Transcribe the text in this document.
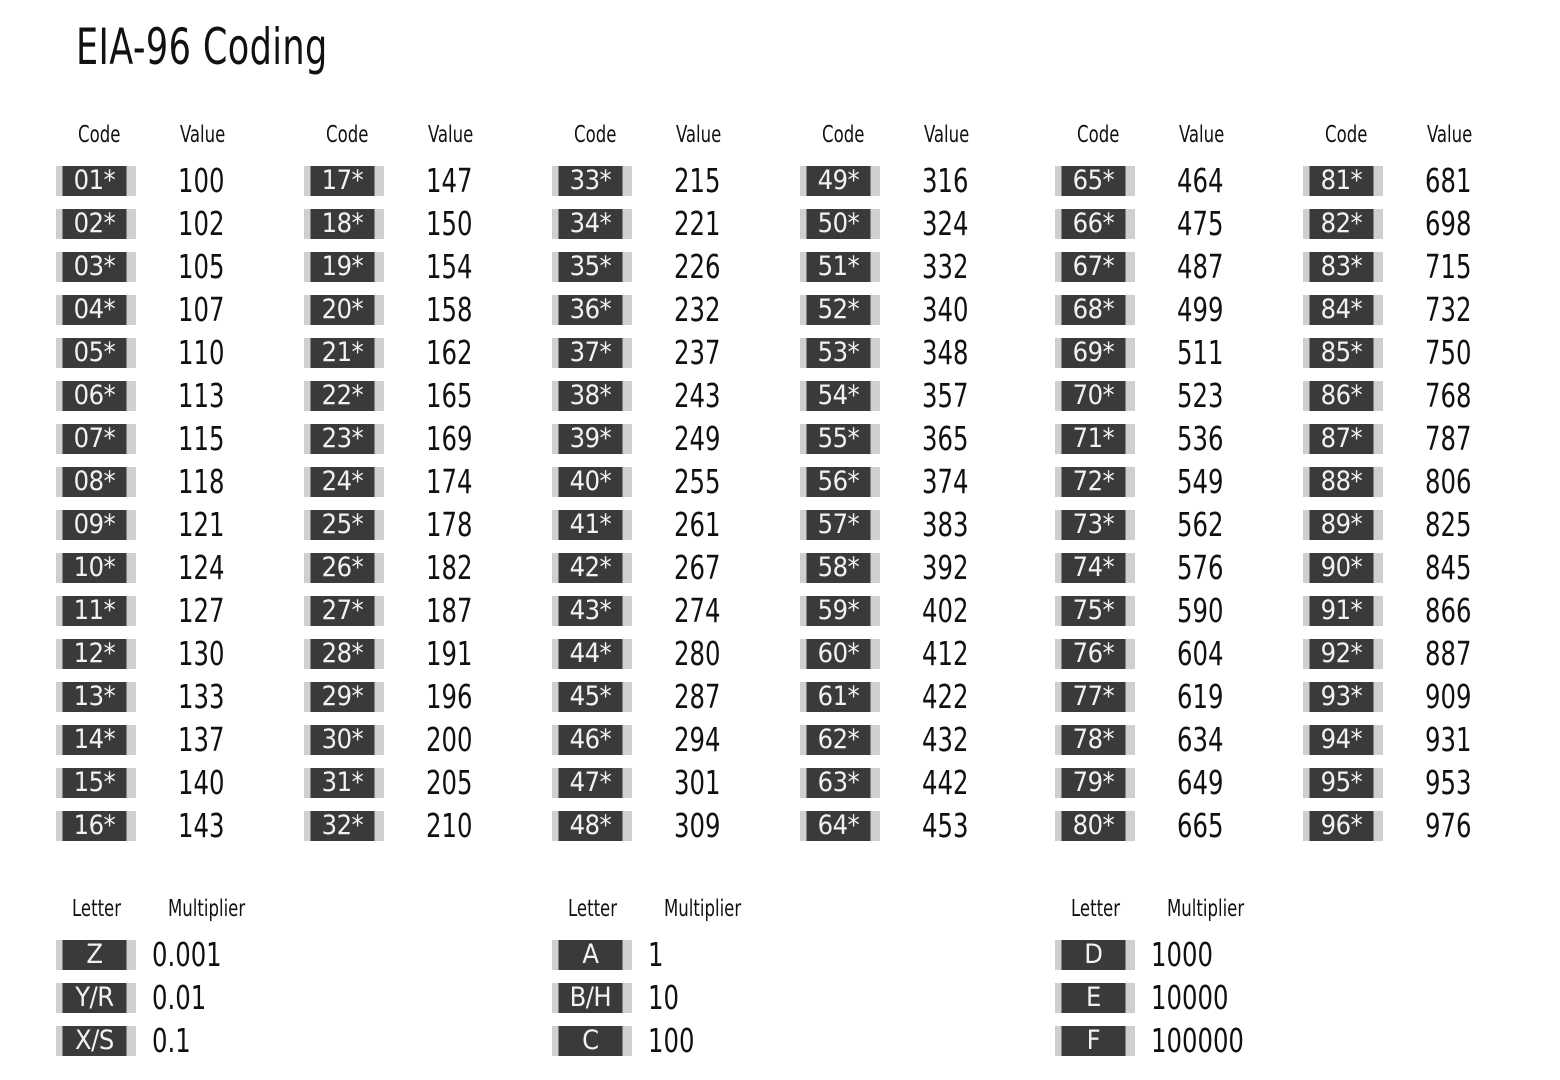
EIA-96 Coding
Code	Value
01*	100
02*	102
03*	105
04*	107
05*	110
06*	113
07*	115
08*	118
09*	121
10*	124
11*	127
12*	130
13*	133
14*	137
15*	140
16*	143
Code	Value
17*	147
18*	150
19*	154
20*	158
21*	162
22*	165
23*	169
24*	174
25*	178
26*	182
27*	187
28*	191
29*	196
30*	200
31*	205
32*	210
Code	Value
33*	215
34*	221
35*	226
36*	232
37*	237
38*	243
39*	249
40*	255
41*	261
42*	267
43*	274
44*	280
45*	287
46*	294
47*	301
48*	309
Code	Value
49*	316
50*	324
51*	332
52*	340
53*	348
54*	357
55*	365
56*	374
57*	383
58*	392
59*	402
60*	412
61*	422
62*	432
63*	442
64*	453
Code	Value
65*	464
66*	475
67*	487
68*	499
69*	511
70*	523
71*	536
72*	549
73*	562
74*	576
75*	590
76*	604
77*	619
78*	634
79*	649
80*	665
Code	Value
81*	681
82*	698
83*	715
84*	732
85*	750
86*	768
87*	787
88*	806
89*	825
90*	845
91*	866
92*	887
93*	909
94*	931
95*	953
96*	976
Letter Multiplier
Z	0.001
Y/R	0.01
X/S	0.1
Letter Multiplier
A	1
B/H	10
C	100
Letter Multiplier
D	1000
E	10000
F	100000
